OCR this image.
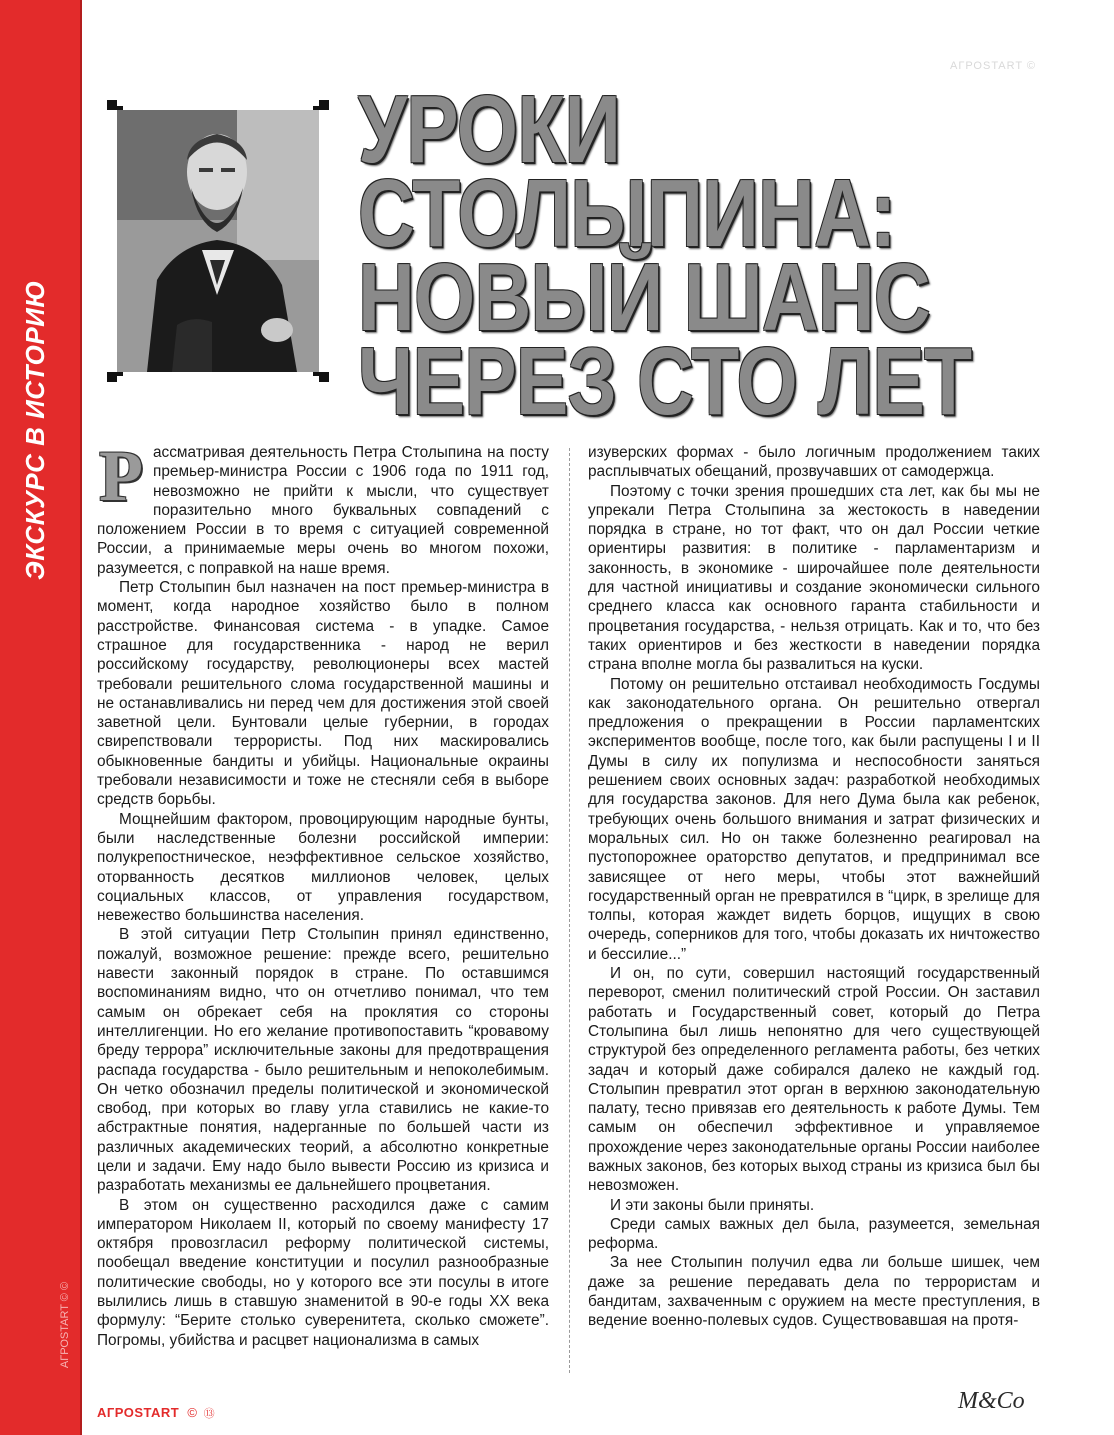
ЭКСКУРС В ИСТОРИЮ
АГРОSTART © ©
АГРОSTART ©
УРОКИ
СТОЛЫПИНА:
НОВЫЙ ШАНС
ЧЕРЕЗ СТО ЛЕТ

Рассматривая деятельность Петра Столыпина на посту премьер-министра России с 1906 года по 1911 год, невозможно не прийти к мысли, что существует поразительно много буквальных совпадений с положением России в то время с ситуацией современной России, а принимаемые меры очень во многом похожи, разумеется, с поправкой на наше время.

Петр Столыпин был назначен на пост премьер-министра в момент, когда народное хозяйство было в полном расстройстве. Финансовая система - в упадке. Самое страшное для государственника - народ не верил российскому государству, революционеры всех мастей требовали решительного слома государственной машины и не останавливались ни перед чем для достижения этой своей заветной цели. Бунтовали целые губернии, в городах свирепствовали террористы. Под них маскировались обыкновенные бандиты и убийцы. Национальные окраины требовали независимости и тоже не стесняли себя в выборе средств борьбы.

Мощнейшим фактором, провоцирующим народные бунты, были наследственные болезни российской империи: полукрепостническое, неэффективное сельское хозяйство, оторванность десятков миллионов человек, целых социальных классов, от управления государством, невежество большинства населения.

В этой ситуации Петр Столыпин принял единственно, пожалуй, возможное решение: прежде всего, решительно навести законный порядок в стране. По оставшимся воспоминаниям видно, что он отчетливо понимал, что тем самым он обрекает себя на проклятия со стороны интеллигенции. Но его желание противопоставить “кровавому бреду террора” исключительные законы для предотвращения распада государства - было решительным и непоколебимым. Он четко обозначил пределы политической и экономической свобод, при которых во главу угла ставились не какие-то абстрактные понятия, надерганные по большей части из различных академических теорий, а абсолютно конкретные цели и задачи. Ему надо было вывести Россию из кризиса и разработать механизмы ее дальнейшего процветания.

В этом он существенно расходился даже с самим императором Николаем II, который по своему манифесту 17 октября провозгласил реформу политической системы, пообещал введение конституции и посулил разнообразные политические свободы, но у которого все эти посулы в итоге вылились лишь в ставшую знаменитой в 90-е годы XX века формулу: “Берите столько суверенитета, сколько сможете”. Погромы, убийства и расцвет национализма в самых

изуверских формах - было логичным продолжением таких расплывчатых обещаний, прозвучавших от самодержца.

Поэтому с точки зрения прошедших ста лет, как бы мы не упрекали Петра Столыпина за жестокость в наведении порядка в стране, но тот факт, что он дал России четкие ориентиры развития: в политике - парламентаризм и законность, в экономике - широчайшее поле деятельности для частной инициативы и создание экономически сильного среднего класса как основного гаранта стабильности и процветания государства, - нельзя отрицать. Как и то, что без таких ориентиров и без жесткости в наведении порядка страна вполне могла бы развалиться на куски.

Потому он решительно отстаивал необходимость Госдумы как законодательного органа. Он решительно отвергал предложения о прекращении в России парламентских экспериментов вообще, после того, как были распущены I и II Думы в силу их популизма и неспособности заняться решением своих основных задач: разработкой необходимых для государства законов. Для него Дума была как ребенок, требующих очень большого внимания и затрат физических и моральных сил. Но он также болезненно реагировал на пустопорожнее ораторство депутатов, и предпринимал все зависящее от него меры, чтобы этот важнейший государственный орган не превратился в “цирк, в зрелище для толпы, которая жаждет видеть борцов, ищущих в свою очередь, соперников для того, чтобы доказать их ничтожество и бессилие...”

И он, по сути, совершил настоящий государственный переворот, сменил политический строй России. Он заставил работать и Государственный совет, который до Петра Столыпина был лишь непонятно для чего существующей структурой без определенного регламента работы, без четких задач и который даже собирался далеко не каждый год. Столыпин превратил этот орган в верхнюю законодательную палату, тесно привязав его деятельность к работе Думы. Тем самым он обеспечил эффективное и управляемое прохождение через законодательные органы России наиболее важных законов, без которых выход страны из кризиса был бы невозможен.

И эти законы были приняты.

Среди самых важных дел была, разумеется, земельная реформа.

За нее Столыпин получил едва ли больше шишек, чем даже за решение передавать дела по террористам и бандитам, захваченным с оружием на месте преступления, в ведение военно-полевых судов. Существовавшая на протя-

M&Co
АГРОSTART © ⑬
